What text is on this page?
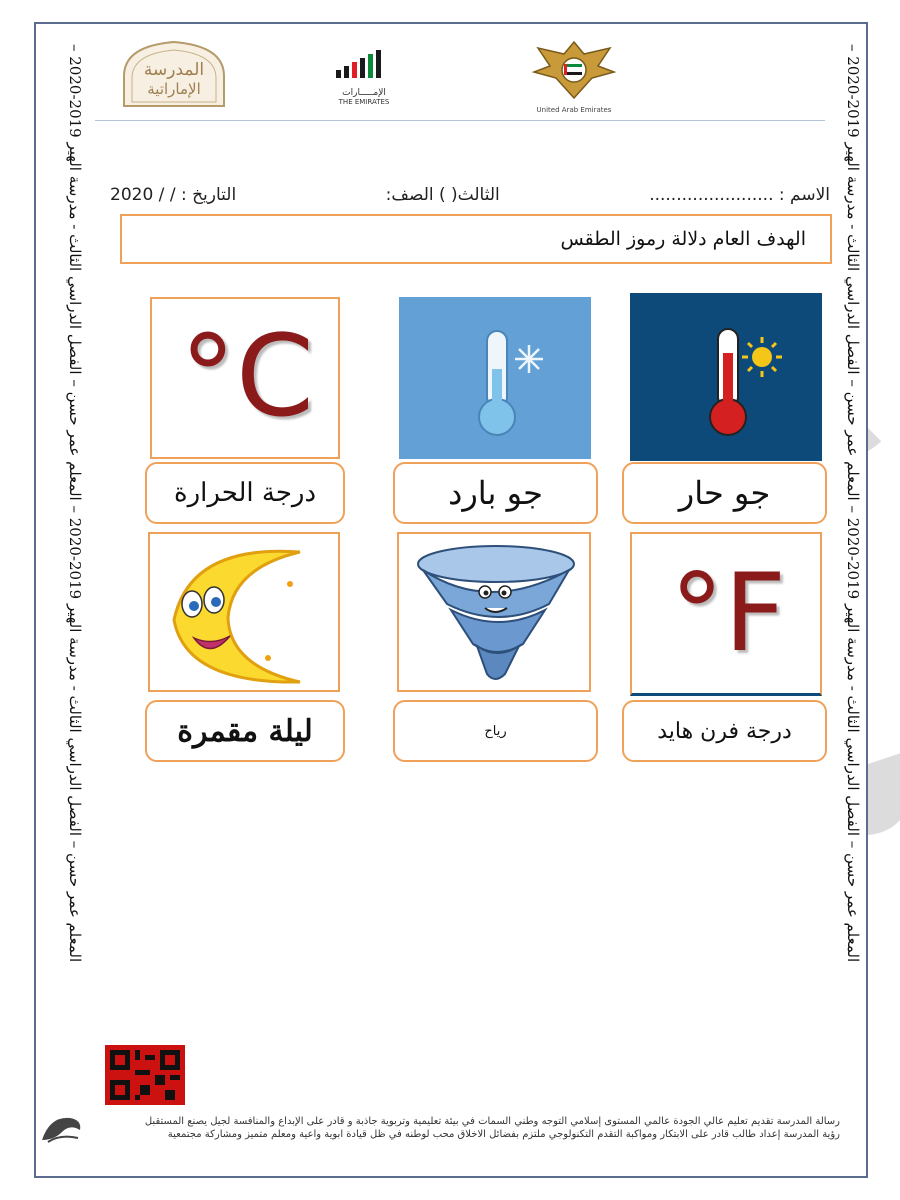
المعلم عمر حسن – الفصل الدراسي الثالث - مدرسة الهير 2019-2020 – المعلم عمر حسن – الفصل الدراسي الثالث - مدرسة الهير 2019-2020 –
المعلم عمر حسن – الفصل الدراسي الثالث - مدرسة الهير 2019-2020 – المعلم عمر حسن – الفصل الدراسي الثالث - مدرسة الهير 2019-2020 –
المدرسة
الإماراتية	الإمـــــارات
THE EMIRATES
United Arab Emirates
الاسم : .......................
الثالث( ) الصف:
التاريخ : / / 2020
الهدف العام دلالة رموز الطقس
°C
درجة الحرارة	جو بارد	جو حار
°F
ليلة مقمرة	رياح	درجة فرن هايد
رسالة المدرسة تقديم تعليم عالي الجودة عالمي المستوى إسلامي التوجه وطني السمات في بيئة تعليمية وتربوية جاذبة و قادر على الإبداع والمنافسة لجيل يصنع المستقبل
رؤية المدرسة إعداد طالب قادر على الابتكار ومواكبة التقدم التكنولوجي ملتزم بفضائل الاخلاق محب لوطنه في ظل قيادة ابوية واعية ومعلم متميز ومشاركة مجتمعية
